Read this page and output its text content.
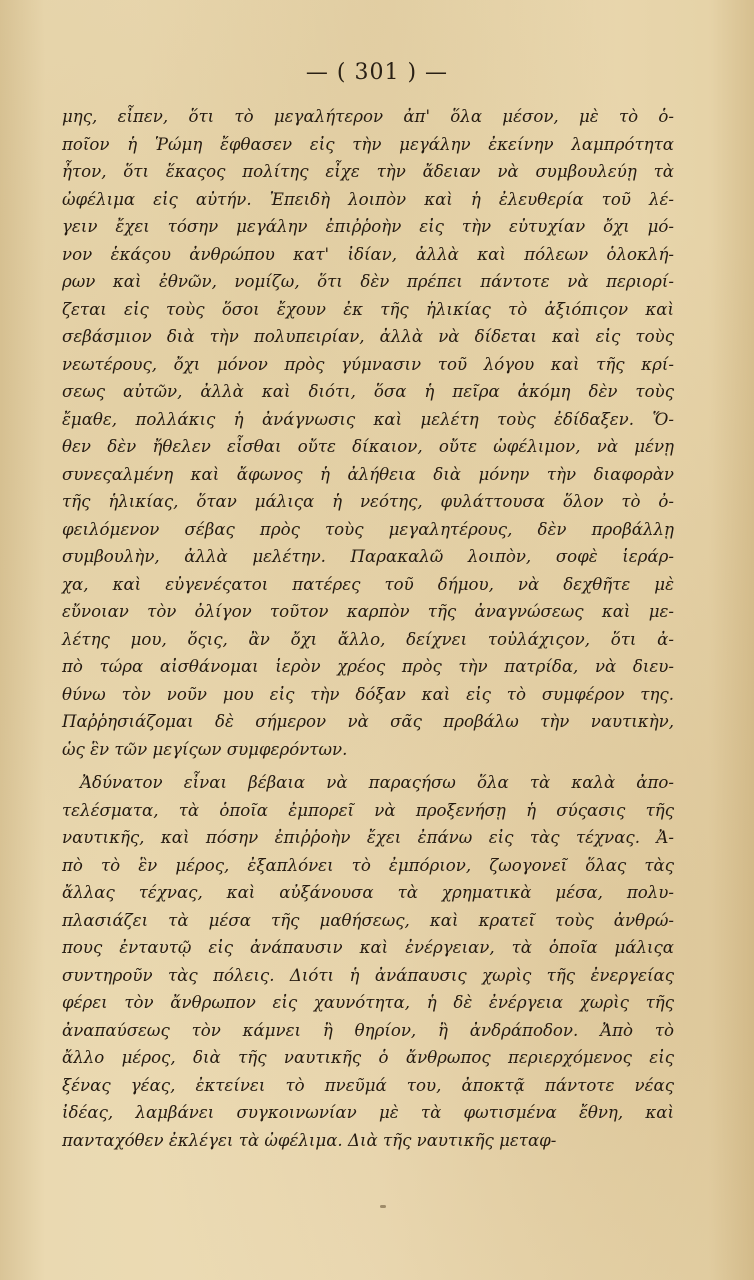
— ( 301 ) —
μης, εἶπεν, ὅτι τὸ μεγαλήτερον ἀπ' ὅλα μέσον, μὲ τὸ ὁ-
ποῖον ἡ Ῥώμη ἔφθασεν εἰς τὴν μεγάλην ἐκείνην λαμπρότητα
ἦτον, ὅτι ἕκαςος πολίτης εἶχε τὴν ἄδειαν νὰ συμβουλεύῃ τὰ
ὠφέλιμα εἰς αὐτήν. Ἐπειδὴ λοιπὸν καὶ ἡ ἐλευθερία τοῦ λέ-
γειν ἔχει τόσην μεγάλην ἐπιῤῥοὴν εἰς τὴν εὐτυχίαν ὄχι μό-
νον ἑκάςου ἀνθρώπου κατ' ἰδίαν, ἀλλὰ καὶ πόλεων ὁλοκλή-
ρων καὶ ἐθνῶν, νομίζω, ὅτι δὲν πρέπει πάντοτε νὰ περιορί-
ζεται εἰς τοὺς ὅσοι ἔχουν ἐκ τῆς ἡλικίας τὸ ἀξιόπιςον καὶ
σεβάσμιον διὰ τὴν πολυπειρίαν, ἀλλὰ νὰ δίδεται καὶ εἰς τοὺς
νεωτέρους, ὄχι μόνον πρὸς γύμνασιν τοῦ λόγου καὶ τῆς κρί-
σεως αὐτῶν, ἀλλὰ καὶ διότι, ὅσα ἡ πεῖρα ἀκόμη δὲν τοὺς
ἔμαθε, πολλάκις ἡ ἀνάγνωσις καὶ μελέτη τοὺς ἐδίδαξεν. Ὅ-
θεν δὲν ἤθελεν εἶσθαι οὔτε δίκαιον, οὔτε ὠφέλιμον, νὰ μένῃ
συνεςαλμένη καὶ ἄφωνος ἡ ἀλήθεια διὰ μόνην τὴν διαφορὰν
τῆς ἡλικίας, ὅταν μάλιςα ἡ νεότης, φυλάττουσα ὅλον τὸ ὀ-
φειλόμενον σέβας πρὸς τοὺς μεγαλητέρους, δὲν προβάλλῃ
συμβουλὴν, ἀλλὰ μελέτην. Παρακαλῶ λοιπὸν, σοφὲ ἱεράρ-
χα, καὶ εὐγενέςατοι πατέρες τοῦ δήμου, νὰ δεχθῆτε μὲ
εὔνοιαν τὸν ὀλίγον τοῦτον καρπὸν τῆς ἀναγνώσεως καὶ με-
λέτης μου, ὅςις, ἂν ὄχι ἄλλο, δείχνει τοὐλάχιςον, ὅτι ἀ-
πὸ τώρα αἰσθάνομαι ἱερὸν χρέος πρὸς τὴν πατρίδα, νὰ διευ-
θύνω τὸν νοῦν μου εἰς τὴν δόξαν καὶ εἰς τὸ συμφέρον της.
Παῤῥησιάζομαι δὲ σήμερον νὰ σᾶς προβάλω τὴν ναυτικὴν,
ὡς ἓν τῶν μεγίςων συμφερόντων.
Ἀδύνατον εἶναι βέβαια νὰ παραςήσω ὅλα τὰ καλὰ ἀπο-
τελέσματα, τὰ ὁποῖα ἐμπορεῖ νὰ προξενήσῃ ἡ σύςασις τῆς
ναυτικῆς, καὶ πόσην ἐπιῤῥοὴν ἔχει ἐπάνω εἰς τὰς τέχνας. Ἀ-
πὸ τὸ ἓν μέρος, ἐξαπλόνει τὸ ἐμπόριον, ζωογονεῖ ὅλας τὰς
ἄλλας τέχνας, καὶ αὐξάνουσα τὰ χρηματικὰ μέσα, πολυ-
πλασιάζει τὰ μέσα τῆς μαθήσεως, καὶ κρατεῖ τοὺς ἀνθρώ-
πους ἐνταυτῷ εἰς ἀνάπαυσιν καὶ ἐνέργειαν, τὰ ὁποῖα μάλιςα
συντηροῦν τὰς πόλεις. Διότι ἡ ἀνάπαυσις χωρὶς τῆς ἐνεργείας
φέρει τὸν ἄνθρωπον εἰς χαυνότητα, ἡ δὲ ἐνέργεια χωρὶς τῆς
ἀναπαύσεως τὸν κάμνει ἢ θηρίον, ἢ ἀνδράποδον. Ἀπὸ τὸ
ἄλλο μέρος, διὰ τῆς ναυτικῆς ὁ ἄνθρωπος περιερχόμενος εἰς
ξένας γέας, ἐκτείνει τὸ πνεῦμά του, ἀποκτᾷ πάντοτε νέας
ἰδέας, λαμβάνει συγκοινωνίαν μὲ τὰ φωτισμένα ἔθνη, καὶ
πανταχόθεν ἐκλέγει τὰ ὠφέλιμα. Διὰ τῆς ναυτικῆς μεταφ-
